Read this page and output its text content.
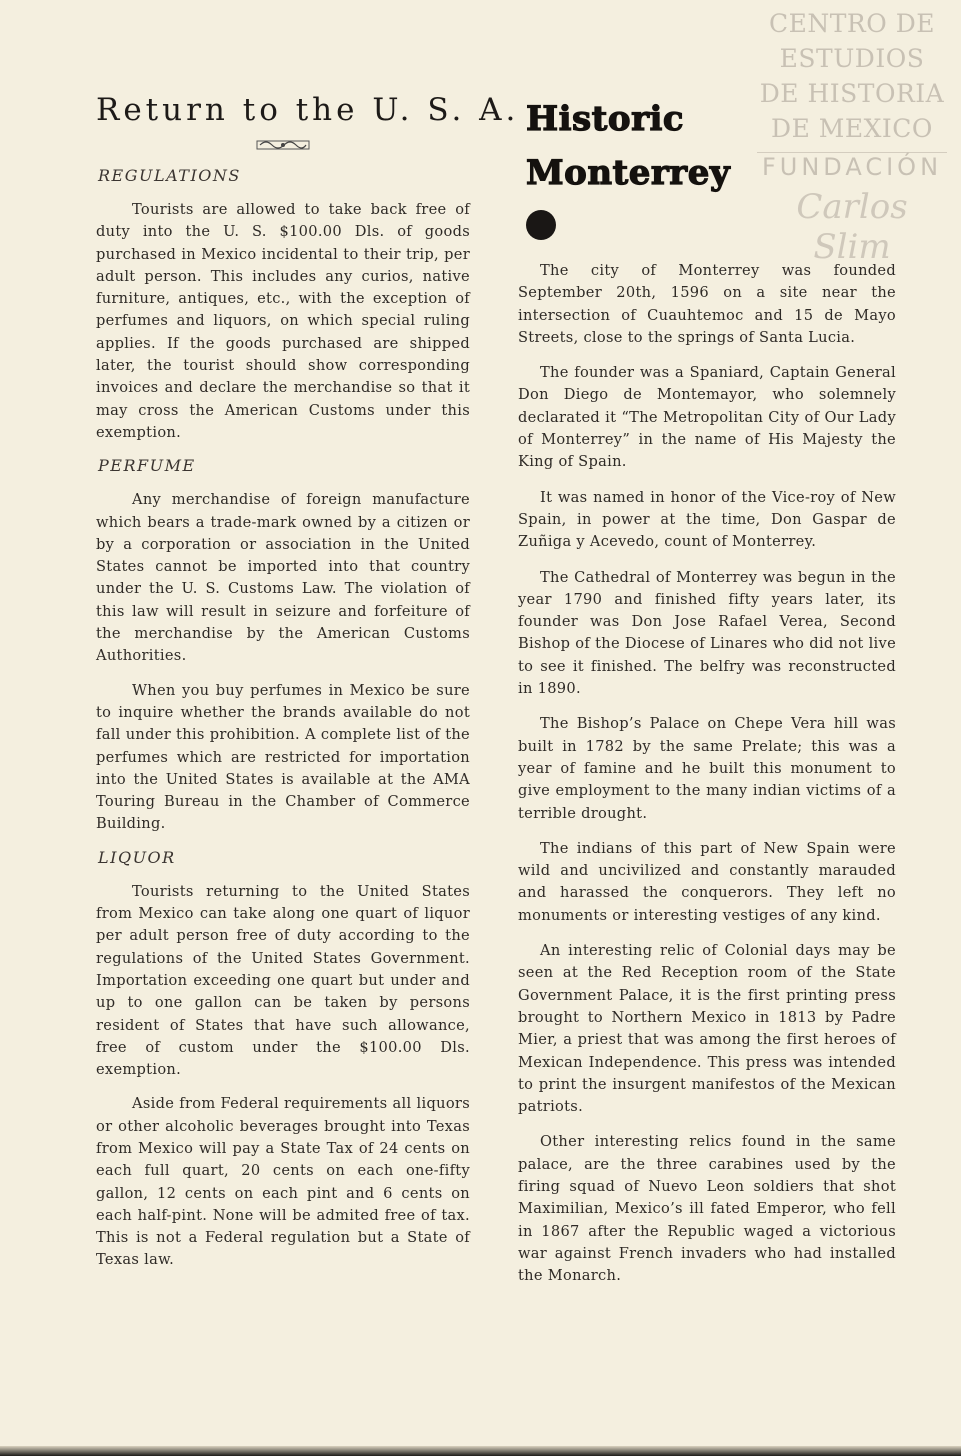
CENTRO DE
ESTUDIOS
DE HISTORIA
DE MEXICO
FUNDACIÓN
Carlos Slim
Return to the U. S. A.
REGULATIONS

Tourists are allowed to take back free of duty into the U. S. $100.00 Dls. of goods purchased in Mexico incidental to their trip, per adult person. This includes any curios, native furniture, antiques, etc., with the exception of perfumes and liquors, on which special ruling applies. If the goods purchased are shipped later, the tourist should show corresponding invoices and declare the merchandise so that it may cross the American Customs under this exemption.

PERFUME

Any merchandise of foreign manufacture which bears a trade-mark owned by a citizen or by a corporation or association in the United States cannot be imported into that country under the U. S. Customs Law. The violation of this law will result in seizure and forfeiture of the merchandise by the American Customs Authorities.

When you buy perfumes in Mexico be sure to inquire whether the brands available do not fall under this prohibition. A complete list of the perfumes which are restricted for importation into the United States is available at the AMA Touring Bureau in the Chamber of Commerce Building.

LIQUOR

Tourists returning to the United States from Mexico can take along one quart of liquor per adult person free of duty according to the regulations of the United States Government. Importation exceeding one quart but under and up to one gallon can be taken by persons resident of States that have such allowance, free of custom under the $100.00 Dls. exemption.

Aside from Federal requirements all liquors or other alcoholic beverages brought into Texas from Mexico will pay a State Tax of 24 cents on each full quart, 20 cents on each one-fifty gallon, 12 cents on each pint and 6 cents on each half-pint. None will be admited free of tax. This is not a Federal regulation but a State of Texas law.

Historic
Monterrey

The city of Monterrey was founded September 20th, 1596 on a site near the intersection of Cuauhtemoc and 15 de Mayo Streets, close to the springs of Santa Lucia.

The founder was a Spaniard, Captain General Don Diego de Montemayor, who solemnely declarated it “The Metropolitan City of Our Lady of Monterrey” in the name of His Majesty the King of Spain.

It was named in honor of the Vice-roy of New Spain, in power at the time, Don Gaspar de Zuñiga y Acevedo, count of Monterrey.

The Cathedral of Monterrey was begun in the year 1790 and finished fifty years later, its founder was Don Jose Rafael Verea, Second Bishop of the Diocese of Linares who did not live to see it finished. The belfry was reconstructed in 1890.

The Bishop’s Palace on Chepe Vera hill was built in 1782 by the same Prelate; this was a year of famine and he built this monument to give employment to the many indian victims of a terrible drought.

The indians of this part of New Spain were wild and uncivilized and constantly marauded and harassed the conquerors. They left no monuments or interesting vestiges of any kind.

An interesting relic of Colonial days may be seen at the Red Reception room of the State Government Palace, it is the first printing press brought to Northern Mexico in 1813 by Padre Mier, a priest that was among the first heroes of Mexican Independence. This press was intended to print the insurgent manifestos of the Mexican patriots.

Other interesting relics found in the same palace, are the three carabines used by the firing squad of Nuevo Leon soldiers that shot Maximilian, Mexico’s ill fated Emperor, who fell in 1867 after the Republic waged a victorious war against French invaders who had installed the Monarch.
